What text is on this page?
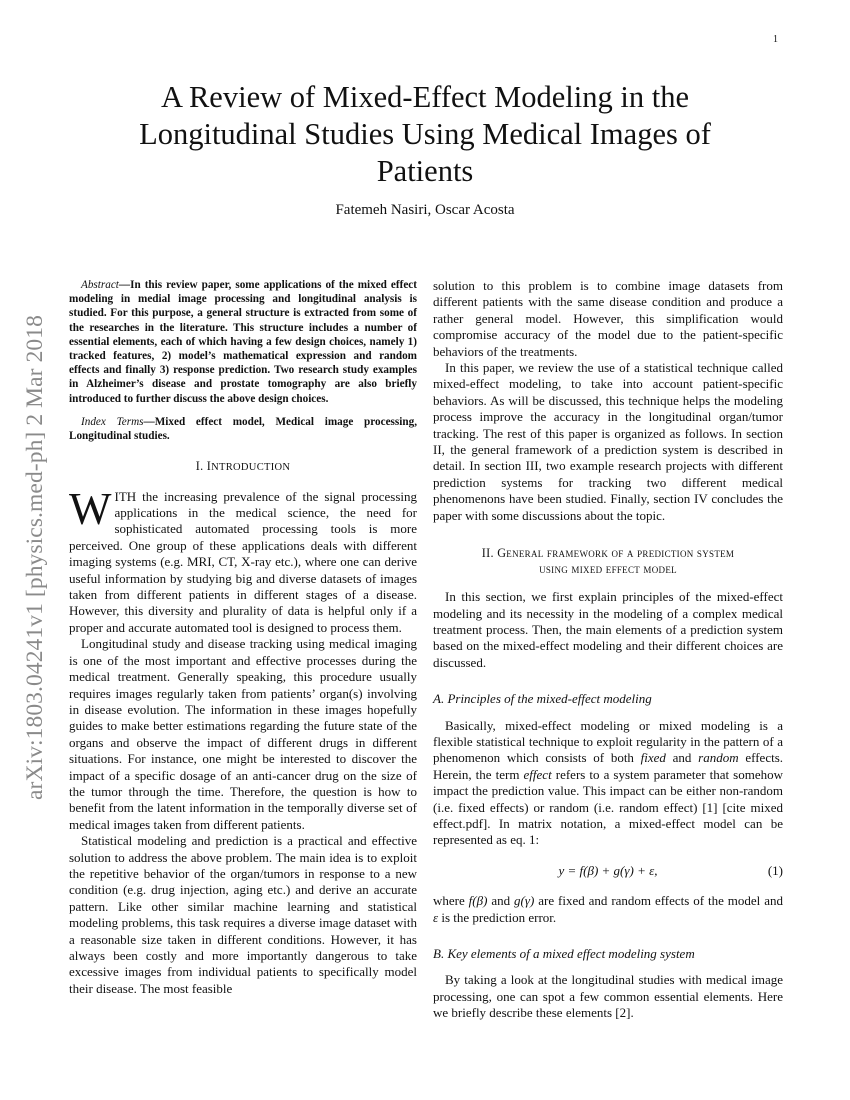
1
arXiv:1803.04241v1 [physics.med-ph] 2 Mar 2018
A Review of Mixed-Effect Modeling in the Longitudinal Studies Using Medical Images of Patients
Fatemeh Nasiri, Oscar Acosta

Abstract—In this review paper, some applications of the mixed effect modeling in medial image processing and longitudinal analysis is studied. For this purpose, a general structure is extracted from some of the researches in the literature. This structure includes a number of essential elements, each of which having a few design choices, namely 1) tracked features, 2) model’s mathematical expression and random effects and finally 3) response prediction. Two research study examples in Alzheimer’s disease and prostate tomography are also briefly introduced to further discuss the above design choices.

Index Terms—Mixed effect model, Medical image processing, Longitudinal studies.

I. INTRODUCTION

WITH the increasing prevalence of the signal processing applications in the medical science, the need for sophisticated automated processing tools is more perceived. One group of these applications deals with different imaging systems (e.g. MRI, CT, X-ray etc.), where one can derive useful information by studying big and diverse datasets of images taken from different patients in different stages of a disease. However, this diversity and plurality of data is helpful only if a proper and accurate automated tool is designed to process them.

Longitudinal study and disease tracking using medical imaging is one of the most important and effective processes during the medical treatment. Generally speaking, this procedure usually requires images regularly taken from patients’ organ(s) involving in disease evolution. The information in these images hopefully guides to make better estimations regarding the future state of the organs and observe the impact of different drugs in different situations. For instance, one might be interested to discover the impact of a specific dosage of an anti-cancer drug on the size of the tumor through the time. Therefore, the question is how to benefit from the latent information in the temporally diverse set of medical images taken from different patients.

Statistical modeling and prediction is a practical and effective solution to address the above problem. The main idea is to exploit the repetitive behavior of the organ/tumors in response to a new condition (e.g. drug injection, aging etc.) and derive an accurate pattern. Like other similar machine learning and statistical modeling problems, this task requires a diverse image dataset with a reasonable size taken in different conditions. However, it has always been costly and more importantly dangerous to take excessive images from individual patients to specifically model their disease. The most feasible

solution to this problem is to combine image datasets from different patients with the same disease condition and produce a rather general model. However, this simplification would compromise accuracy of the model due to the patient-specific behaviors of the treatments.

In this paper, we review the use of a statistical technique called mixed-effect modeling, to take into account patient-specific behaviors. As will be discussed, this technique helps the modeling process improve the accuracy in the longitudinal organ/tumor tracking. The rest of this paper is organized as follows. In section II, the general framework of a prediction system is described in detail. In section III, two example research projects with different prediction systems for tracking two different medical phenomenons have been studied. Finally, section IV concludes the paper with some discussions about the topic.

II. General framework of a prediction system
using mixed effect model

In this section, we first explain principles of the mixed-effect modeling and its necessity in the modeling of a complex medical treatment process. Then, the main elements of a prediction system based on the mixed-effect modeling and their different choices are discussed.

A. Principles of the mixed-effect modeling

Basically, mixed-effect modeling or mixed modeling is a flexible statistical technique to exploit regularity in the pattern of a phenomenon which consists of both fixed and random effects. Herein, the term effect refers to a system parameter that somehow impact the prediction value. This impact can be either non-random (i.e. fixed effects) or random (i.e. random effect) [1] [cite mixed effect.pdf]. In matrix notation, a mixed-effect model can be represented as eq. 1:

y = f(β) + g(γ) + ε,	(1)

where f(β) and g(γ) are fixed and random effects of the model and ε is the prediction error.

B. Key elements of a mixed effect modeling system

By taking a look at the longitudinal studies with medical image processing, one can spot a few common essential elements. Here we briefly describe these elements [2].
